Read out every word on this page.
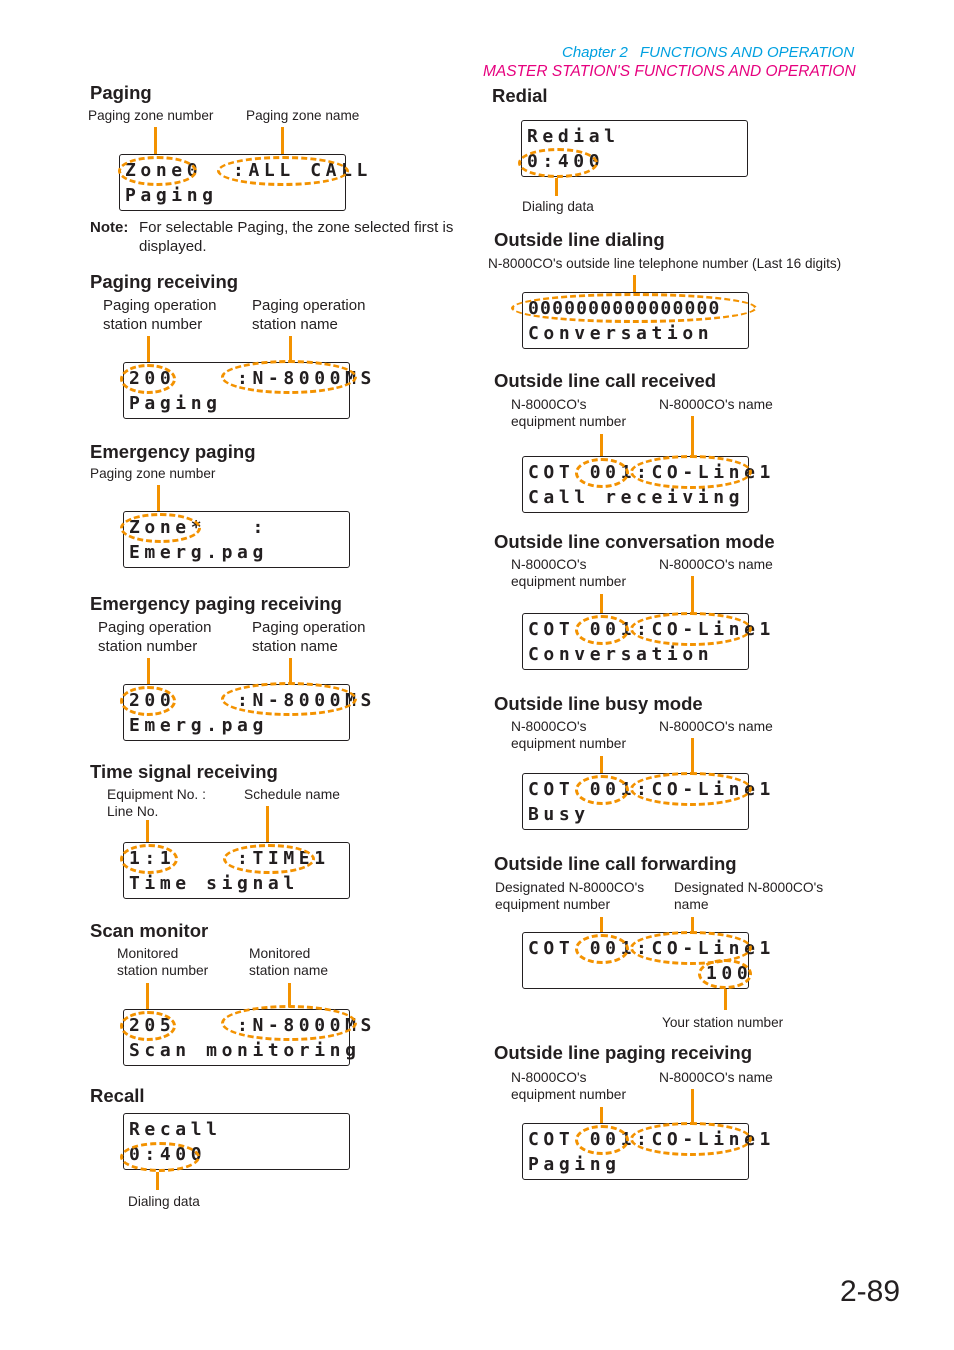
Chapter 2 FUNCTIONS AND OPERATION
MASTER STATION'S FUNCTIONS AND OPERATION
Paging
Paging zone number Paging zone name
Zone0  :ALL CALL
Paging
Note: For selectable Paging, the zone selected first is displayed.
Paging receiving
Paging operation
station number
Paging operation
station name
200    :N-8000MS
Paging
Emergency paging
Paging zone number
Zone*   :
Emerg.pag
Emergency paging receiving
Paging operation
station number
Paging operation
station name
200    :N-8000MS
Emerg.pag
Time signal receiving
Equipment No. :
Line No.
Schedule name
1:1    :TIME1
Time signal
Scan monitor
Monitored
station number
Monitored
station name
205    :N-8000MS
Scan monitoring
Recall
Recall
0:400
Dialing data
Redial
Redial
0:400
Dialing data
Outside line dialing
N-8000CO's outside line telephone number (Last 16 digits)
0000000000000000
Conversation
Outside line call received
N-8000CO's
equipment number
N-8000CO's name
COT 001:CO-Line1
Call receiving
Outside line conversation mode
N-8000CO's
equipment number
N-8000CO's name
COT 001:CO-Line1
Conversation
Outside line busy mode
N-8000CO's
equipment number
N-8000CO's name
COT 001:CO-Line1
Busy
Outside line call forwarding
Designated N-8000CO's
equipment number
Designated N-8000CO's
name
COT 001:CO-Line1
100
Your station number
Outside line paging receiving
N-8000CO's
equipment number
N-8000CO's name
COT 001:CO-Line1
Paging
2-89
